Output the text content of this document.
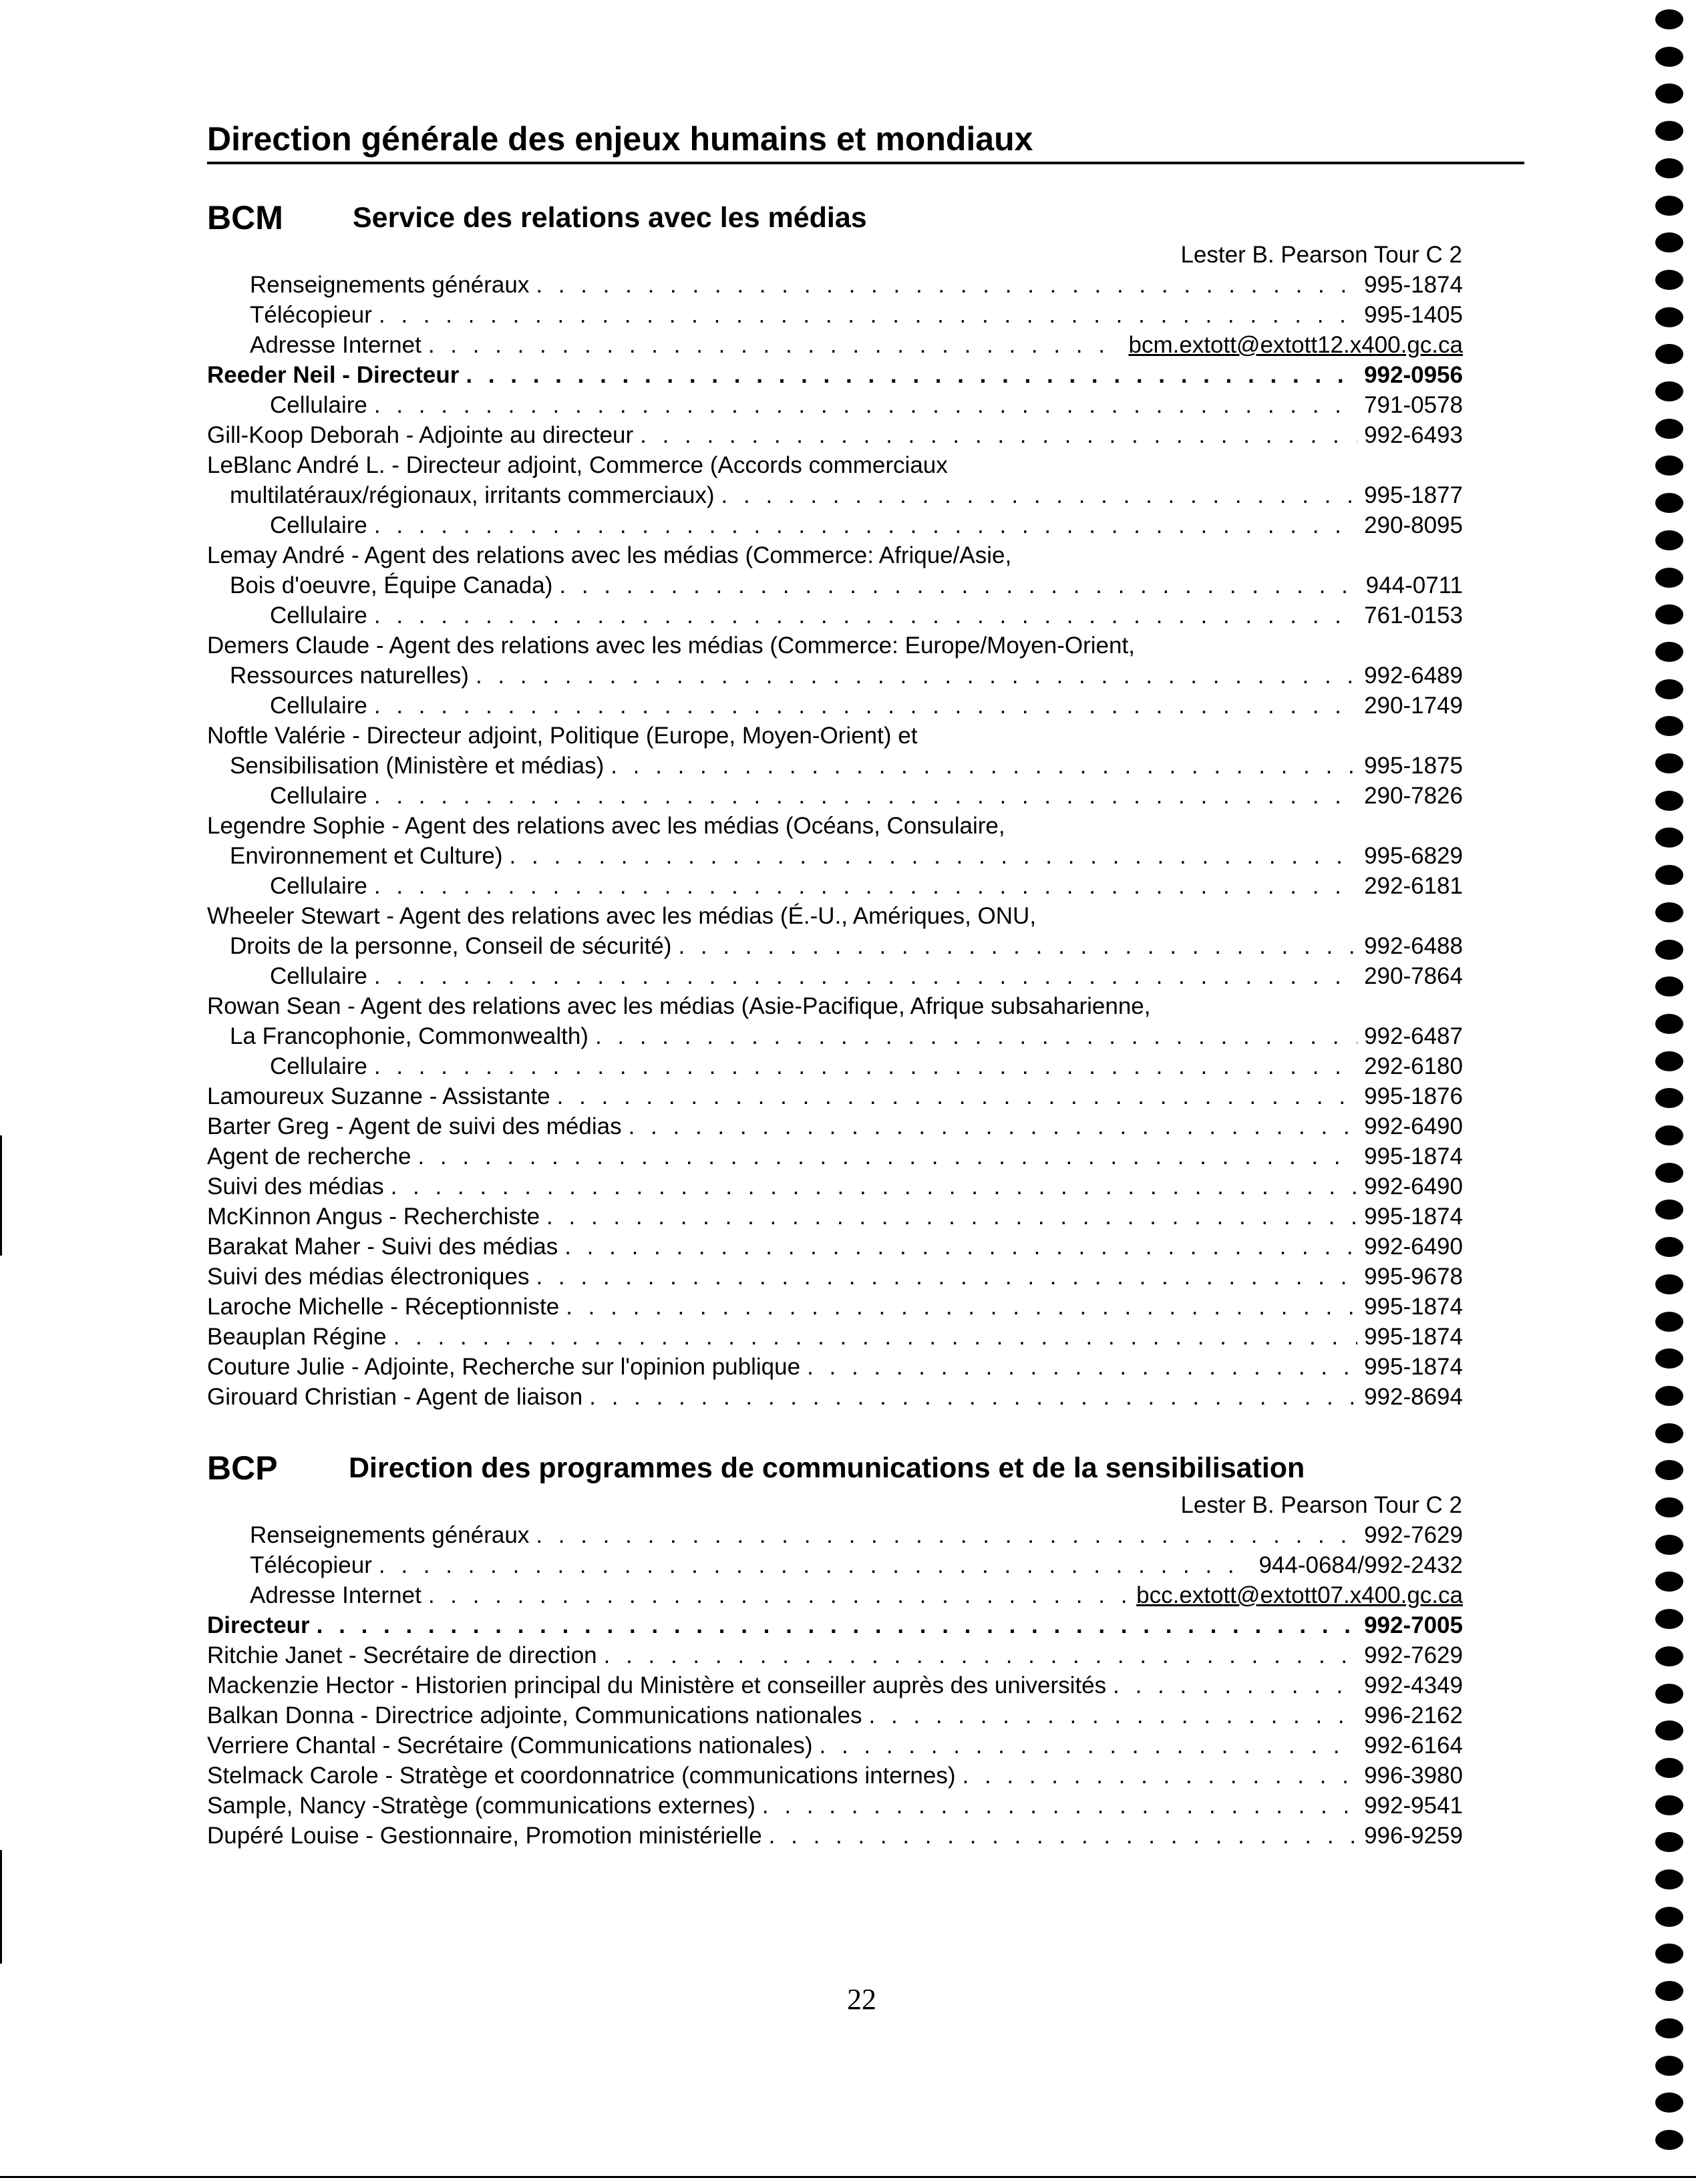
Direction générale des enjeux humains et mondiaux
BCM Service des relations avec les médias
Lester B. Pearson Tour C 2
Renseignements généraux . . .	995-1874
Télécopieur . . .	995-1405
Adresse Internet . . .	bcm.extott@extott12.x400.gc.ca
Reeder Neil - Directeur . . .	992-0956
Cellulaire . . .	791-0578
Gill-Koop Deborah - Adjointe au directeur . . .	992-6493
LeBlanc André L. - Directeur adjoint, Commerce (Accords commerciaux
multilatéraux/régionaux, irritants commerciaux) . . .	995-1877
Cellulaire . . .	290-8095
Lemay André - Agent des relations avec les médias (Commerce: Afrique/Asie,
Bois d'oeuvre, Équipe Canada) . . .	944-0711
Cellulaire . . .	761-0153
Demers Claude - Agent des relations avec les médias (Commerce: Europe/Moyen-Orient,
Ressources naturelles) . . .	992-6489
Cellulaire . . .	290-1749
Noftle Valérie - Directeur adjoint, Politique (Europe, Moyen-Orient) et
Sensibilisation (Ministère et médias) . . .	995-1875
Cellulaire . . .	290-7826
Legendre Sophie - Agent des relations avec les médias (Océans, Consulaire,
Environnement et Culture) . . .	995-6829
Cellulaire . . .	292-6181
Wheeler Stewart - Agent des relations avec les médias (É.-U., Amériques, ONU,
Droits de la personne, Conseil de sécurité) . . .	992-6488
Cellulaire . . .	290-7864
Rowan Sean - Agent des relations avec les médias (Asie-Pacifique, Afrique subsaharienne,
La Francophonie, Commonwealth) . . .	992-6487
Cellulaire . . .	292-6180
Lamoureux Suzanne - Assistante . . .	995-1876
Barter Greg - Agent de suivi des médias . . .	992-6490
Agent de recherche . . .	995-1874
Suivi des médias . . .	992-6490
McKinnon Angus - Recherchiste . . .	995-1874
Barakat Maher - Suivi des médias . . .	992-6490
Suivi des médias électroniques . . .	995-9678
Laroche Michelle - Réceptionniste . . .	995-1874
Beauplan Régine . . .	995-1874
Couture Julie - Adjointe, Recherche sur l'opinion publique . . .	995-1874
Girouard Christian - Agent de liaison . . .	992-8694
BCP Direction des programmes de communications et de la sensibilisation
Lester B. Pearson Tour C 2
Renseignements généraux . . .	992-7629
Télécopieur . . .	944-0684/992-2432
Adresse Internet . . .	bcc.extott@extott07.x400.gc.ca
Directeur . . .	992-7005
Ritchie Janet - Secrétaire de direction . . .	992-7629
Mackenzie Hector - Historien principal du Ministère et conseiller auprès des universités . . .	992-4349
Balkan Donna - Directrice adjointe, Communications nationales . . .	996-2162
Verriere Chantal - Secrétaire (Communications nationales) . . .	992-6164
Stelmack Carole - Stratège et coordonnatrice (communications internes) . . .	996-3980
Sample, Nancy -Stratège (communications externes) . . .	992-9541
Dupéré Louise - Gestionnaire, Promotion ministérielle . . .	996-9259
22
